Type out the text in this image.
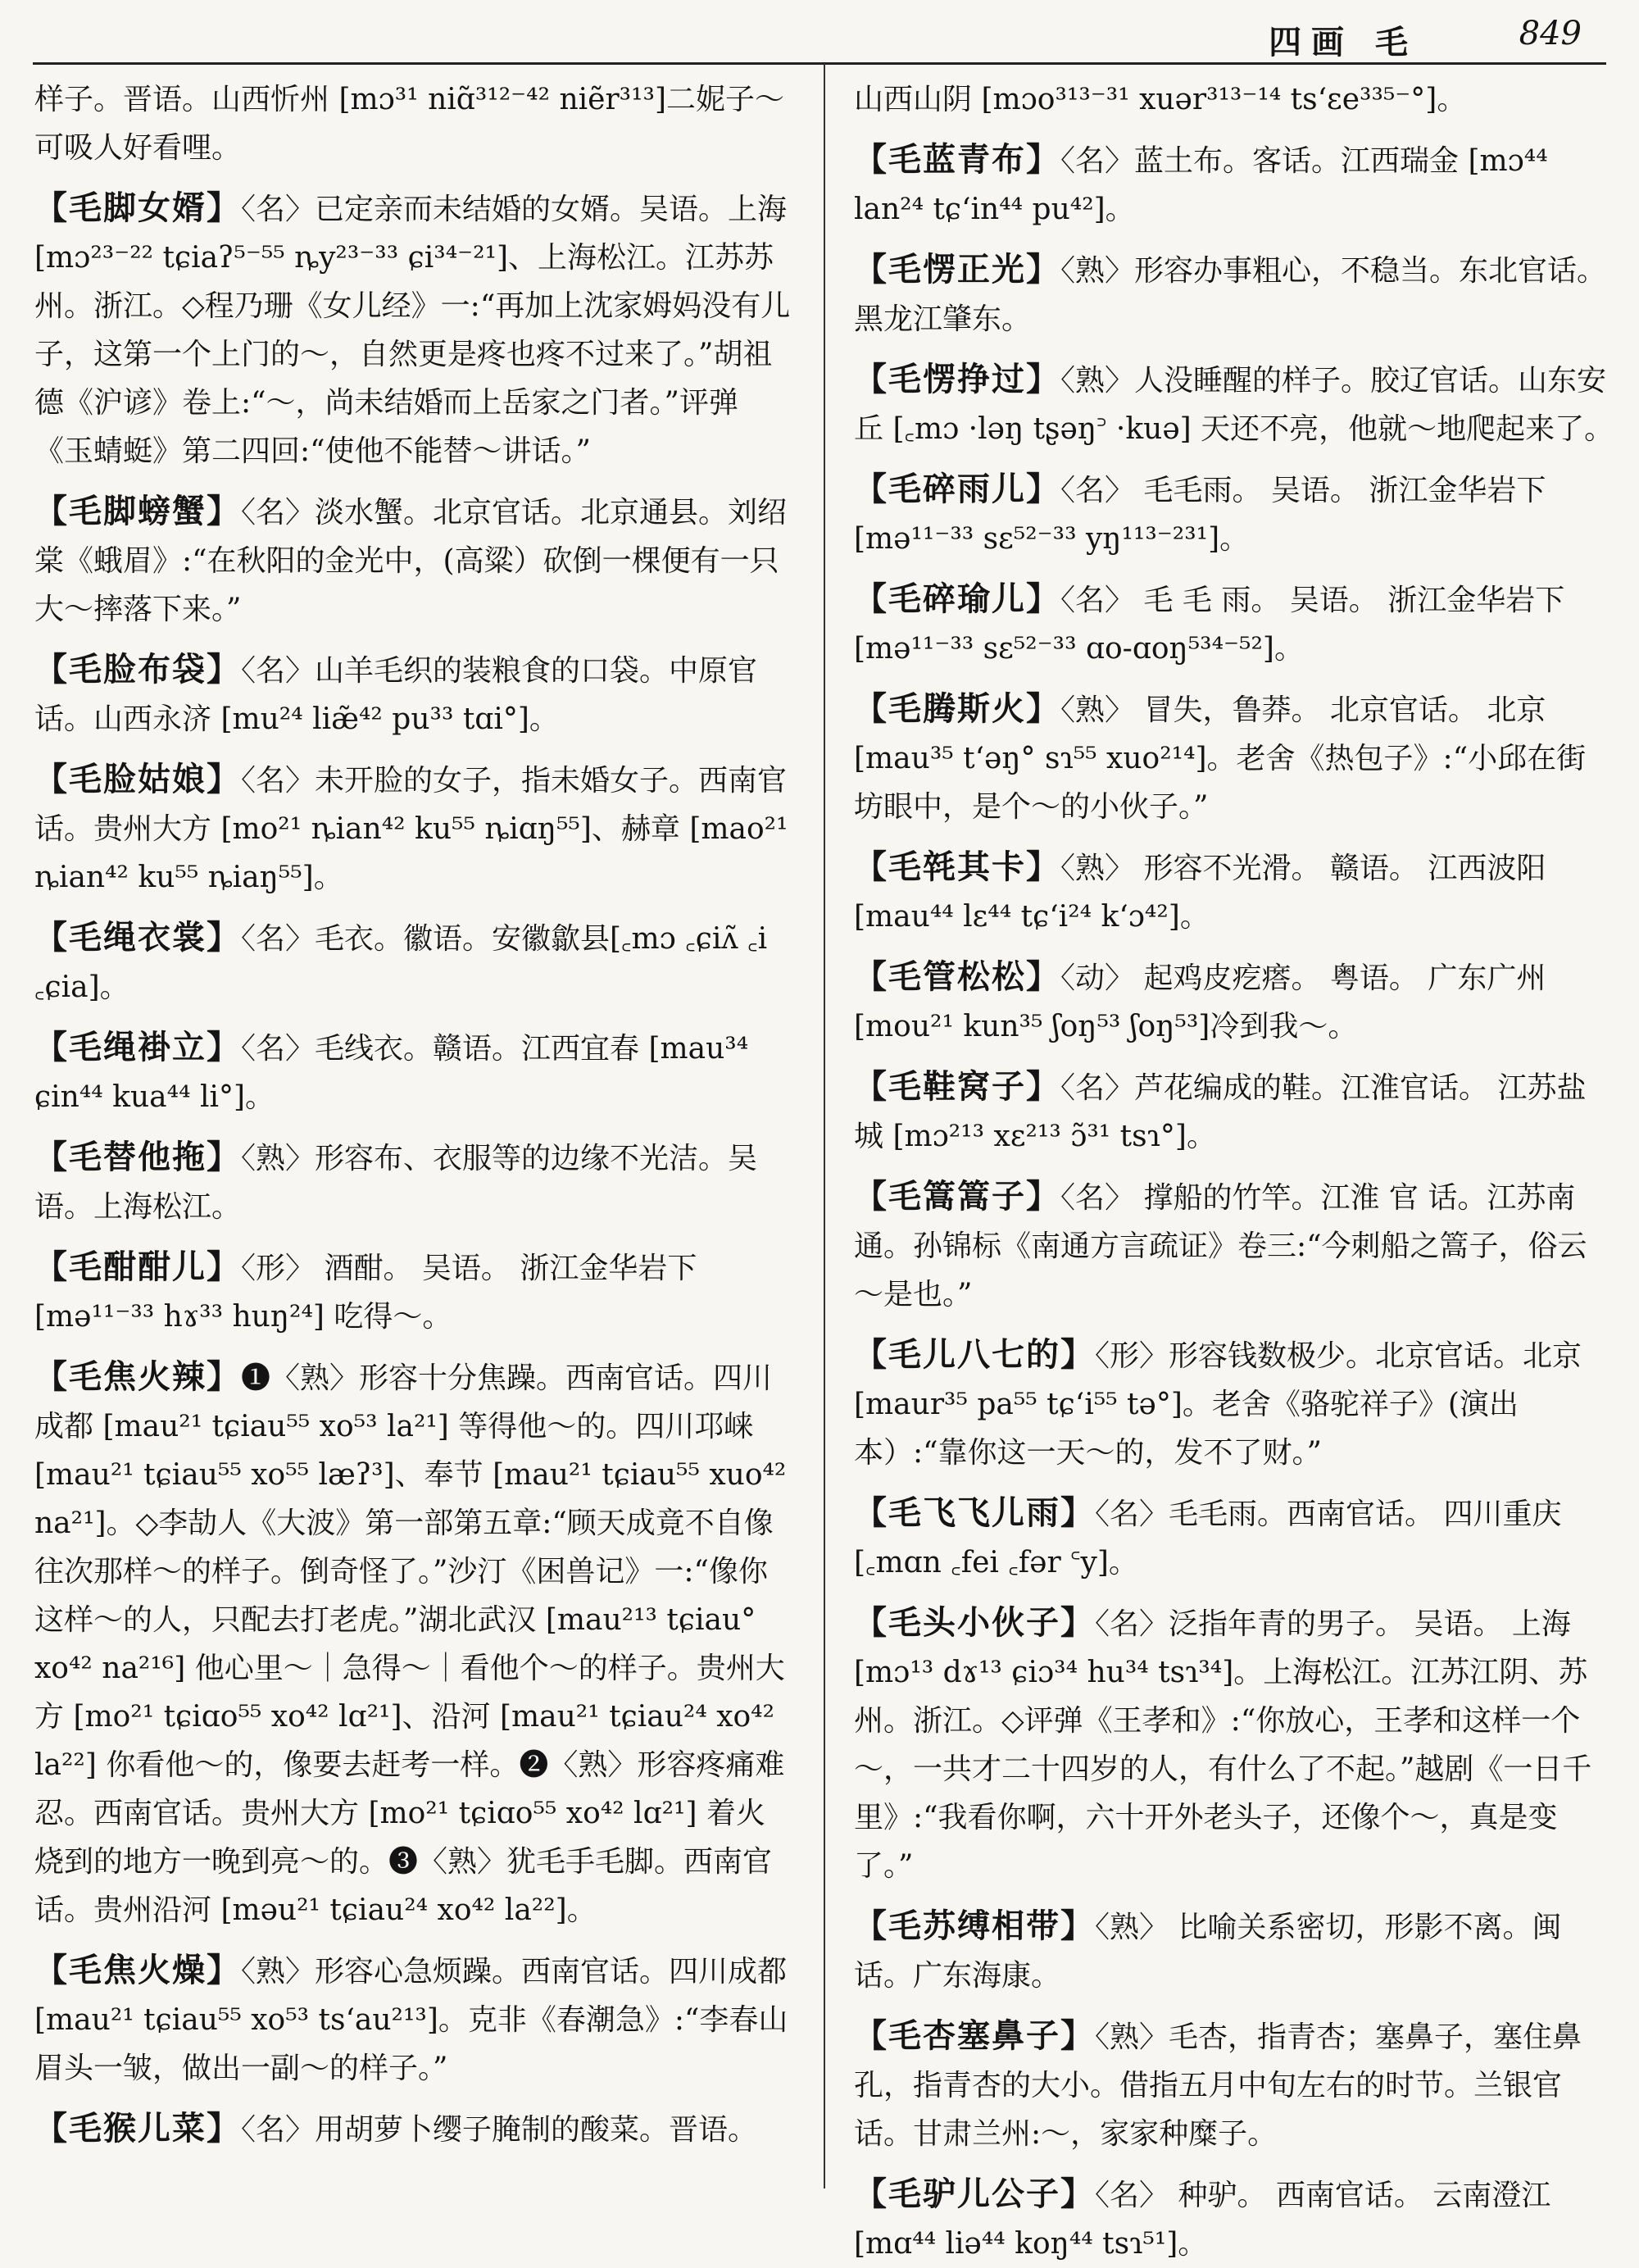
四画 毛	849
样子。晋语。山西忻州 [mɔ³¹ niɑ̃³¹²⁻⁴² niẽr³¹³]二妮子～可吸人好看哩。
【毛脚女婿】〈名〉已定亲而未结婚的女婿。吴语。上海[mɔ²³⁻²² tɕiaʔ⁵⁻⁵⁵ ȵy²³⁻³³ ɕi³⁴⁻²¹]、上海松江。江苏苏州。浙江。◇程乃珊《女儿经》一:“再加上沈家姆妈没有儿子，这第一个上门的～，自然更是疼也疼不过来了。”胡祖德《沪谚》卷上:“～，尚未结婚而上岳家之门者。”评弹《玉蜻蜓》第二四回:“使他不能替～讲话。”
【毛脚螃蟹】〈名〉淡水蟹。北京官话。北京通县。刘绍棠《蛾眉》:“在秋阳的金光中，(高粱）砍倒一棵便有一只大～摔落下来。”
【毛脸布袋】〈名〉山羊毛织的装粮食的口袋。中原官话。山西永济 [mu²⁴ liæ̃⁴² pu³³ tɑi°]。
【毛脸姑娘】〈名〉未开脸的女子，指未婚女子。西南官话。贵州大方 [mo²¹ ȵian⁴² ku⁵⁵ ȵiɑŋ⁵⁵]、赫章 [mao²¹ ȵian⁴² ku⁵⁵ ȵiaŋ⁵⁵]。
【毛绳衣裳】〈名〉毛衣。徽语。安徽歙县[꜀mɔ ꜀ɕiʌ̃ ꜀i ꜀ɕia]。
【毛绳褂立】〈名〉毛线衣。赣语。江西宜春 [mau³⁴ ɕin⁴⁴ kua⁴⁴ li°]。
【毛替他拖】〈熟〉形容布、衣服等的边缘不光洁。吴语。上海松江。
【毛酣酣儿】〈形〉 酒酣。 吴语。 浙江金华岩下 [mə¹¹⁻³³ hɤ³³ huŋ²⁴] 吃得～。
【毛焦火辣】❶〈熟〉形容十分焦躁。西南官话。四川成都 [mau²¹ tɕiau⁵⁵ xo⁵³ la²¹] 等得他～的。四川邛崃 [mau²¹ tɕiau⁵⁵ xo⁵⁵ læʔ³]、奉节 [mau²¹ tɕiau⁵⁵ xuo⁴² na²¹]。◇李劼人《大波》第一部第五章:“顾天成竟不自像往次那样～的样子。倒奇怪了。”沙汀《困兽记》一:“像你这样～的人，只配去打老虎。”湖北武汉 [mau²¹³ tɕiau° xo⁴² na²¹⁶] 他心里～｜急得～｜看他个～的样子。贵州大方 [mo²¹ tɕiɑo⁵⁵ xo⁴² lɑ²¹]、沿河 [mau²¹ tɕiau²⁴ xo⁴² la²²] 你看他～的，像要去赶考一样。❷〈熟〉形容疼痛难忍。西南官话。贵州大方 [mo²¹ tɕiɑo⁵⁵ xo⁴² lɑ²¹] 着火烧到的地方一晚到亮～的。❸〈熟〉犹毛手毛脚。西南官话。贵州沿河 [məu²¹ tɕiau²⁴ xo⁴² la²²]。
【毛焦火燥】〈熟〉形容心急烦躁。西南官话。四川成都[mau²¹ tɕiau⁵⁵ xo⁵³ tsʻau²¹³]。克非《春潮急》:“李春山眉头一皱，做出一副～的样子。”
【毛猴儿菜】〈名〉用胡萝卜缨子腌制的酸菜。晋语。
山西山阴 [mɔo³¹³⁻³¹ xuər³¹³⁻¹⁴ tsʻɛe³³⁵⁻°]。
【毛蓝青布】〈名〉蓝土布。客话。江西瑞金 [mɔ⁴⁴ lan²⁴ tɕʻin⁴⁴ pu⁴²]。
【毛愣正光】〈熟〉形容办事粗心，不稳当。东北官话。黑龙江肇东。
【毛愣挣过】〈熟〉人没睡醒的样子。胶辽官话。山东安丘 [꜀mɔ ·ləŋ tʂəŋ꜄ ·kuə] 天还不亮，他就～地爬起来了。
【毛碎雨儿】〈名〉 毛毛雨。 吴语。 浙江金华岩下 [mə¹¹⁻³³ sɛ⁵²⁻³³ yŋ¹¹³⁻²³¹]。
【毛碎瑜儿】〈名〉 毛 毛 雨。 吴语。 浙江金华岩下 [mə¹¹⁻³³ sɛ⁵²⁻³³ ɑo-ɑoŋ⁵³⁴⁻⁵²]。
【毛腾斯火】〈熟〉 冒失，鲁莽。 北京官话。 北京 [mau³⁵ tʻəŋ° sɿ⁵⁵ xuo²¹⁴]。老舍《热包子》:“小邱在街坊眼中，是个～的小伙子。”
【毛㲞其卡】〈熟〉 形容不光滑。 赣语。 江西波阳 [mau⁴⁴ lɛ⁴⁴ tɕʻi²⁴ kʻɔ⁴²]。
【毛管松松】〈动〉 起鸡皮疙瘩。 粤语。 广东广州 [mou²¹ kun³⁵ ʃoŋ⁵³ ʃoŋ⁵³]冷到我～。
【毛鞋窝子】〈名〉芦花编成的鞋。江淮官话。 江苏盐城 [mɔ²¹³ xɛ²¹³ ɔ̃³¹ tsɿ°]。
【毛篙篙子】〈名〉 撑船的竹竿。江淮 官 话。江苏南通。孙锦标《南通方言疏证》卷三:“今刺船之篙子，俗云～是也。”
【毛儿八七的】〈形〉形容钱数极少。北京官话。北京 [maur³⁵ pa⁵⁵ tɕʻi⁵⁵ tə°]。老舍《骆驼祥子》(演出本）:“靠你这一天～的，发不了财。”
【毛飞飞儿雨】〈名〉毛毛雨。西南官话。 四川重庆 [꜀mɑn ꜀fei ꜀fər ꜂y]。
【毛头小伙子】〈名〉泛指年青的男子。 吴语。 上海 [mɔ¹³ dɤ¹³ ɕiɔ³⁴ hu³⁴ tsɿ³⁴]。上海松江。江苏江阴、苏州。浙江。◇评弹《王孝和》:“你放心，王孝和这样一个～，一共才二十四岁的人，有什么了不起。”越剧《一日千里》:“我看你啊，六十开外老头子，还像个～，真是变了。”
【毛苏缚相带】〈熟〉 比喻关系密切，形影不离。闽话。广东海康。
【毛杏塞鼻子】〈熟〉毛杏，指青杏；塞鼻子，塞住鼻孔，指青杏的大小。借指五月中旬左右的时节。兰银官话。甘肃兰州:～，家家种糜子。
【毛驴儿公子】〈名〉 种驴。 西南官话。 云南澄江 [mɑ⁴⁴ liə⁴⁴ koŋ⁴⁴ tsɿ⁵¹]。
